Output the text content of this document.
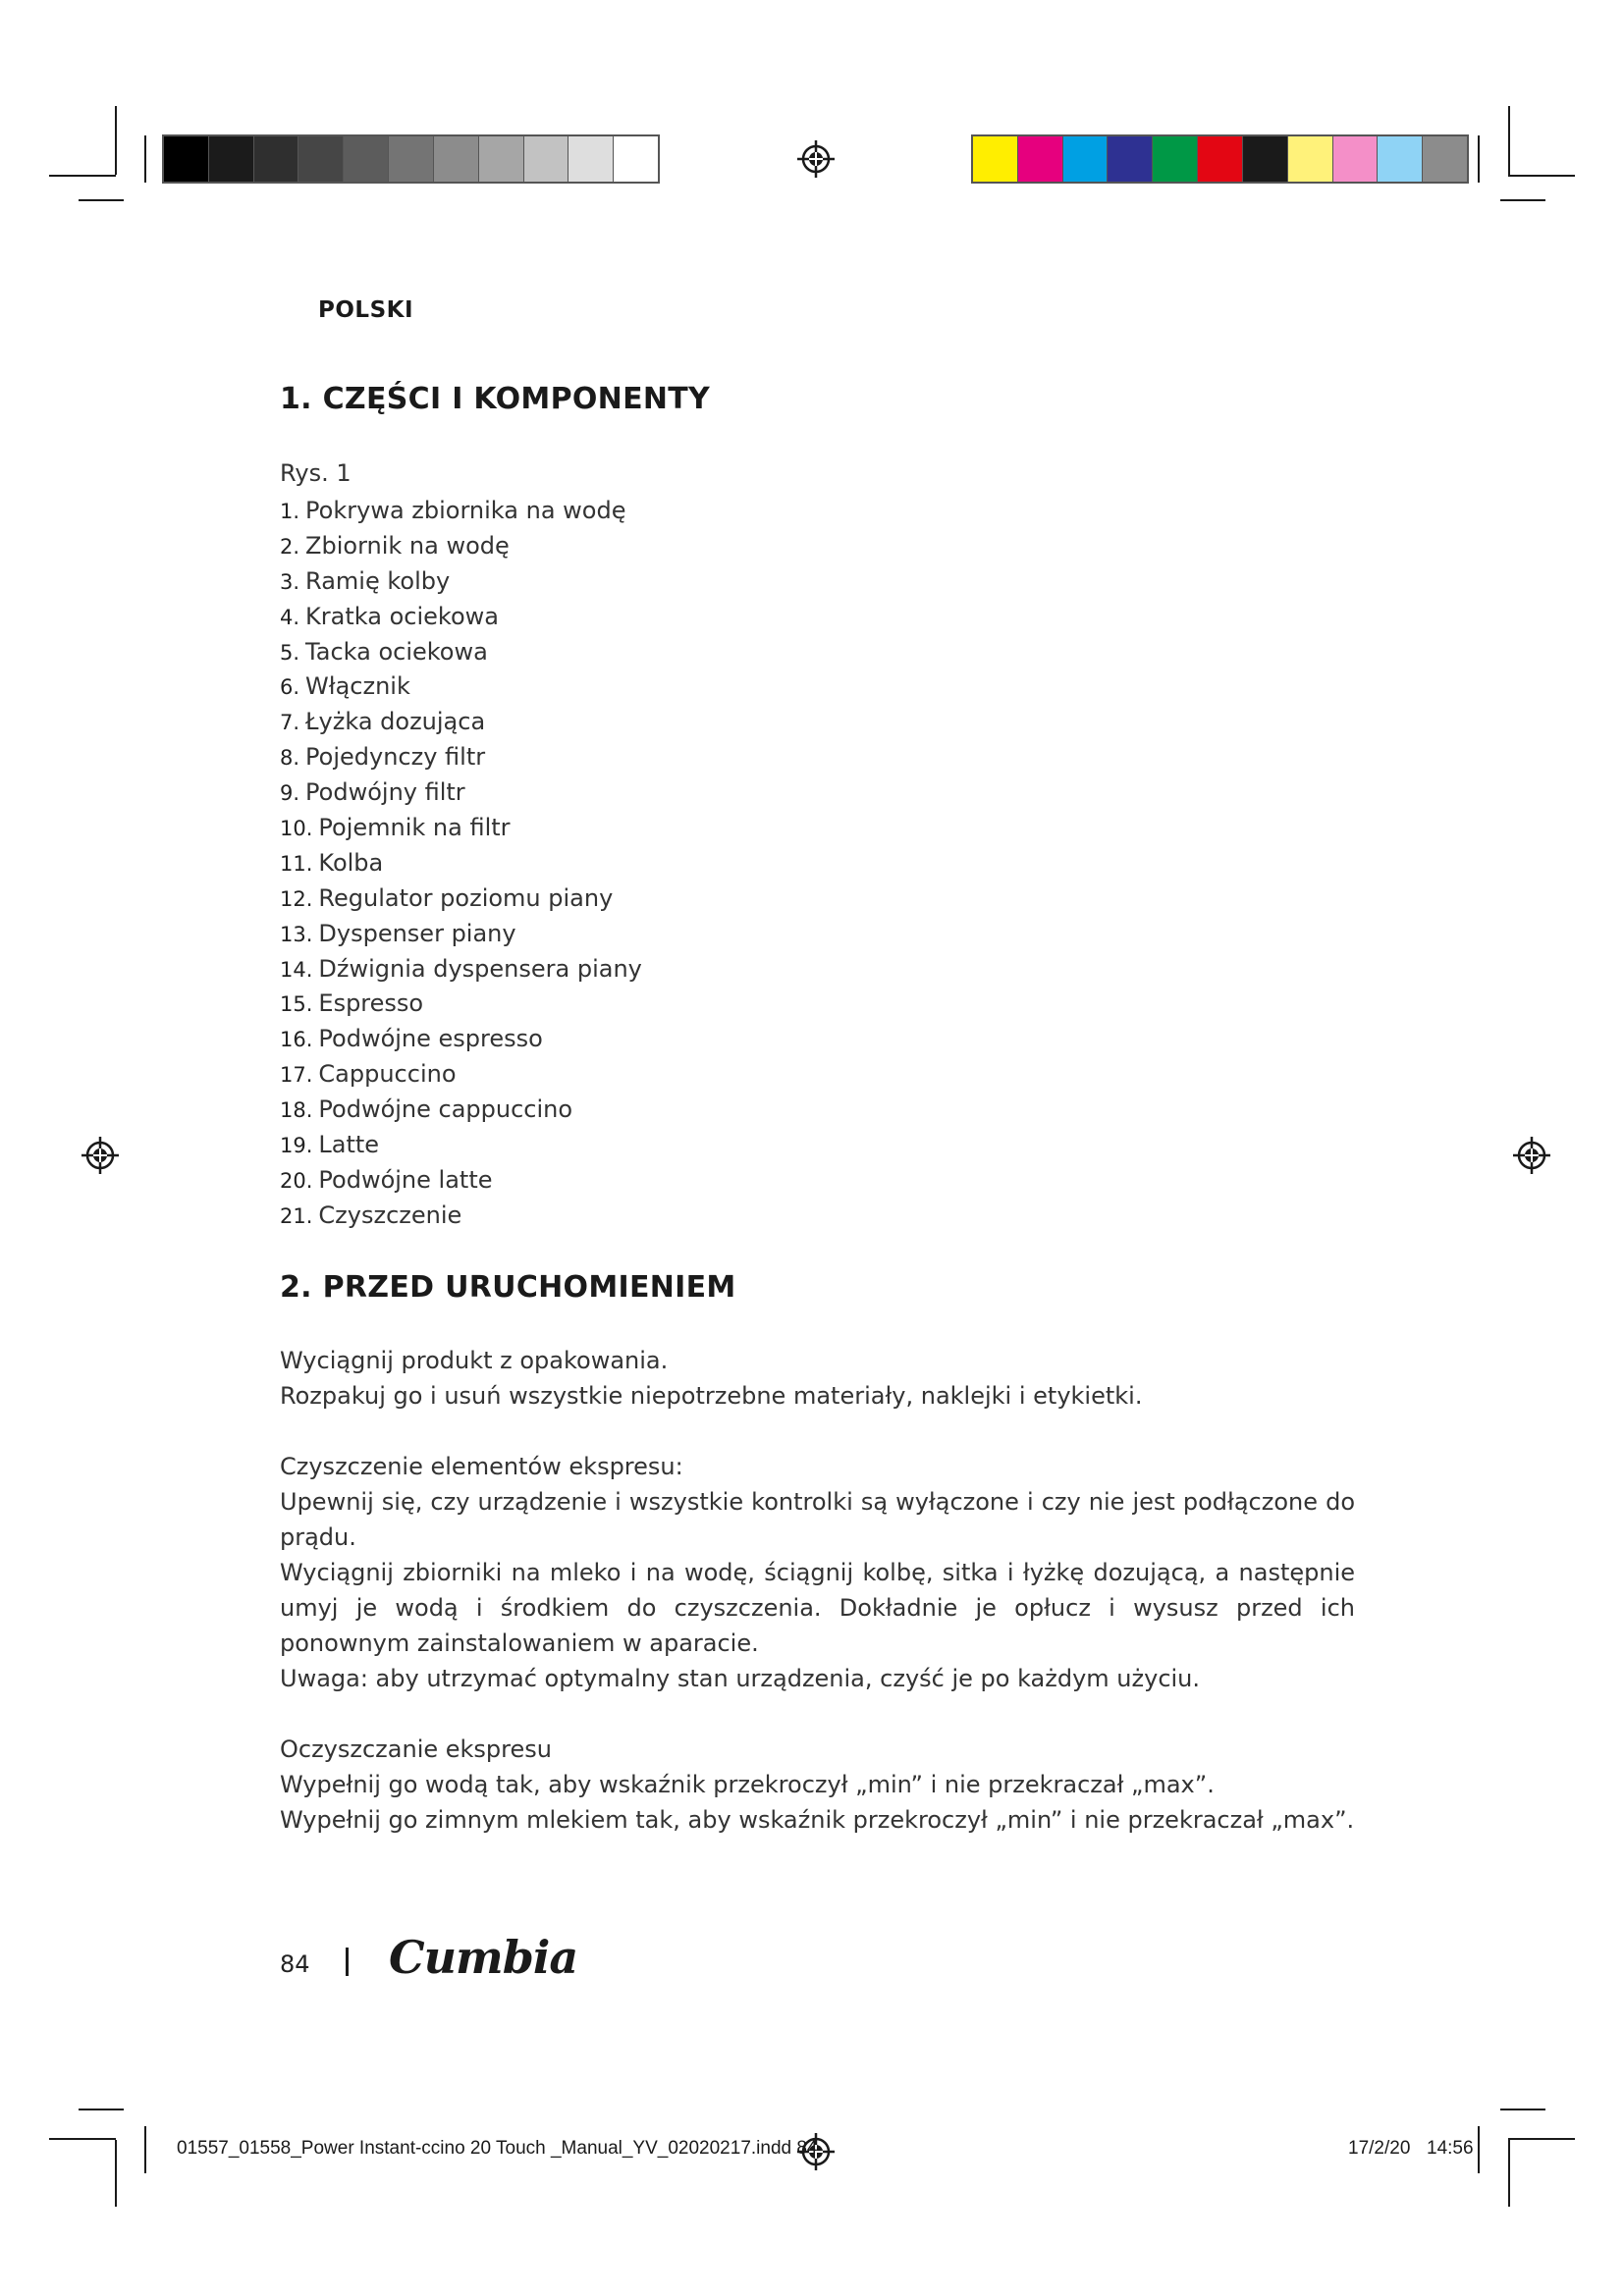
POLSKI
1. CZĘŚCI I KOMPONENTY
Rys. 1
1. Pokrywa zbiornika na wodę
2. Zbiornik na wodę
3. Ramię kolby
4. Kratka ociekowa
5. Tacka ociekowa
6. Włącznik
7. Łyżka dozująca
8. Pojedynczy filtr
9. Podwójny filtr
10. Pojemnik na filtr
11. Kolba
12. Regulator poziomu piany
13. Dyspenser piany
14. Dźwignia dyspensera piany
15. Espresso
16. Podwójne espresso
17. Cappuccino
18. Podwójne cappuccino
19. Latte
20. Podwójne latte
21. Czyszczenie
2. PRZED URUCHOMIENIEM

Wyciągnij produkt z opakowania.

Rozpakuj go i usuń wszystkie niepotrzebne materiały, naklejki i etykietki.

Czyszczenie elementów ekspresu:

Upewnij się, czy urządzenie i wszystkie kontrolki są wyłączone i czy nie jest podłączone do prądu.

Wyciągnij zbiorniki na mleko i na wodę, ściągnij kolbę, sitka i łyżkę dozującą, a następnie umyj je wodą i środkiem do czyszczenia. Dokładnie je opłucz i wysusz przed ich ponownym zainstalowaniem w aparacie.

Uwaga: aby utrzymać optymalny stan urządzenia, czyść je po każdym użyciu.

Oczyszczanie ekspresu

Wypełnij go wodą tak, aby wskaźnik przekroczył „min” i nie przekraczał „max”.

Wypełnij go zimnym mlekiem tak, aby wskaźnik przekroczył „min” i nie przekraczał „max”.

84 Cumbia
01557_01558_Power Instant-ccino 20 Touch _Manual_YV_02020217.indd 84	17/2/20 14:56
